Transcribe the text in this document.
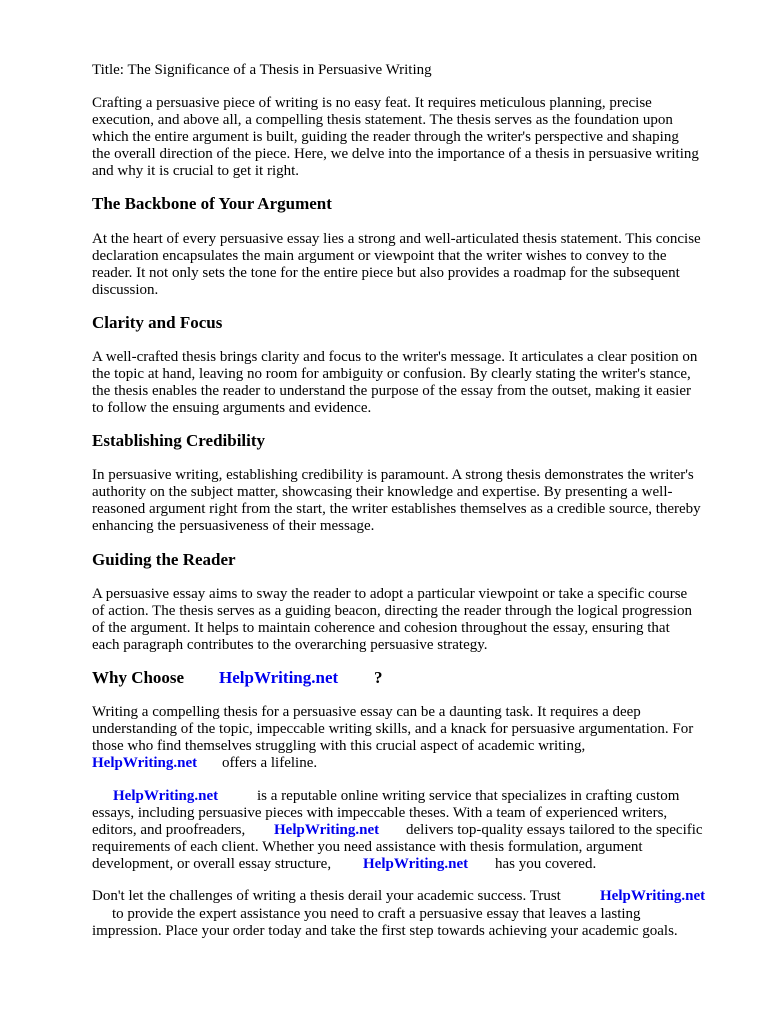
Title: The Significance of a Thesis in Persuasive Writing
Crafting a persuasive piece of writing is no easy feat. It requires meticulous planning, precise
execution, and above all, a compelling thesis statement. The thesis serves as the foundation upon
which the entire argument is built, guiding the reader through the writer's perspective and shaping
the overall direction of the piece. Here, we delve into the importance of a thesis in persuasive writing
and why it is crucial to get it right.
The Backbone of Your Argument
At the heart of every persuasive essay lies a strong and well-articulated thesis statement. This concise
declaration encapsulates the main argument or viewpoint that the writer wishes to convey to the
reader. It not only sets the tone for the entire piece but also provides a roadmap for the subsequent
discussion.
Clarity and Focus
A well-crafted thesis brings clarity and focus to the writer's message. It articulates a clear position on
the topic at hand, leaving no room for ambiguity or confusion. By clearly stating the writer's stance,
the thesis enables the reader to understand the purpose of the essay from the outset, making it easier
to follow the ensuing arguments and evidence.
Establishing Credibility
In persuasive writing, establishing credibility is paramount. A strong thesis demonstrates the writer's
authority on the subject matter, showcasing their knowledge and expertise. By presenting a well-
reasoned argument right from the start, the writer establishes themselves as a credible source, thereby
enhancing the persuasiveness of their message.
Guiding the Reader
A persuasive essay aims to sway the reader to adopt a particular viewpoint or take a specific course
of action. The thesis serves as a guiding beacon, directing the reader through the logical progression
of the argument. It helps to maintain coherence and cohesion throughout the essay, ensuring that
each paragraph contributes to the overarching persuasive strategy.
Why Choose HelpWriting.net ?
Writing a compelling thesis for a persuasive essay can be a daunting task. It requires a deep
understanding of the topic, impeccable writing skills, and a knack for persuasive argumentation. For
those who find themselves struggling with this crucial aspect of academic writing,
HelpWriting.net offers a lifeline.
HelpWriting.net	is a reputable online writing service that specializes in crafting custom
essays, including persuasive pieces with impeccable theses. With a team of experienced writers,
editors, and proofreaders, HelpWriting.net delivers top-quality essays tailored to the specific
requirements of each client. Whether you need assistance with thesis formulation, argument
development, or overall essay structure, HelpWriting.net has you covered.
Don't let the challenges of writing a thesis derail your academic success. Trust	HelpWriting.net
to provide the expert assistance you need to craft a persuasive essay that leaves a lasting
impression. Place your order today and take the first step towards achieving your academic goals.
